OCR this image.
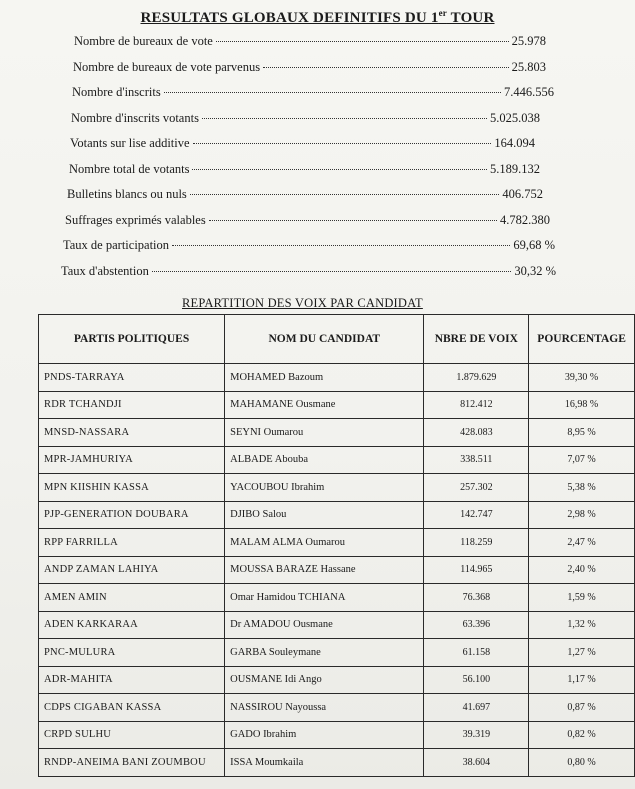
RESULTATS GLOBAUX DEFINITIFS DU 1er TOUR
Nombre de bureaux de vote	25.978
Nombre de bureaux de vote parvenus	25.803
Nombre d'inscrits	7.446.556
Nombre d'inscrits votants	5.025.038
Votants sur lise additive	164.094
Nombre total de votants	5.189.132
Bulletins blancs ou nuls	406.752
Suffrages exprimés valables	4.782.380
Taux de participation	69,68 %
Taux d'abstention	30,32 %
REPARTITION DES VOIX PAR CANDIDAT
PARTIS POLITIQUES	NOM DU CANDIDAT	NBRE DE VOIX	POURCENTAGE
PNDS-TARRAYA	MOHAMED Bazoum	1.879.629	39,30 %
RDR TCHANDJI	MAHAMANE Ousmane	812.412	16,98 %
MNSD-NASSARA	SEYNI Oumarou	428.083	8,95 %
MPR-JAMHURIYA	ALBADE Abouba	338.511	7,07 %
MPN KIISHIN KASSA	YACOUBOU Ibrahim	257.302	5,38 %
PJP-GENERATION DOUBARA	DJIBO Salou	142.747	2,98 %
RPP FARRILLA	MALAM ALMA Oumarou	118.259	2,47 %
ANDP ZAMAN LAHIYA	MOUSSA BARAZE Hassane	114.965	2,40 %
AMEN AMIN	Omar Hamidou TCHIANA	76.368	1,59 %
ADEN KARKARAA	Dr AMADOU Ousmane	63.396	1,32 %
PNC-MULURA	GARBA Souleymane	61.158	1,27 %
ADR-MAHITA	OUSMANE Idi Ango	56.100	1,17 %
CDPS CIGABAN KASSA	NASSIROU Nayoussa	41.697	0,87 %
CRPD SULHU	GADO Ibrahim	39.319	0,82 %
RNDP-ANEIMA BANI ZOUMBOU	ISSA Moumkaila	38.604	0,80 %
